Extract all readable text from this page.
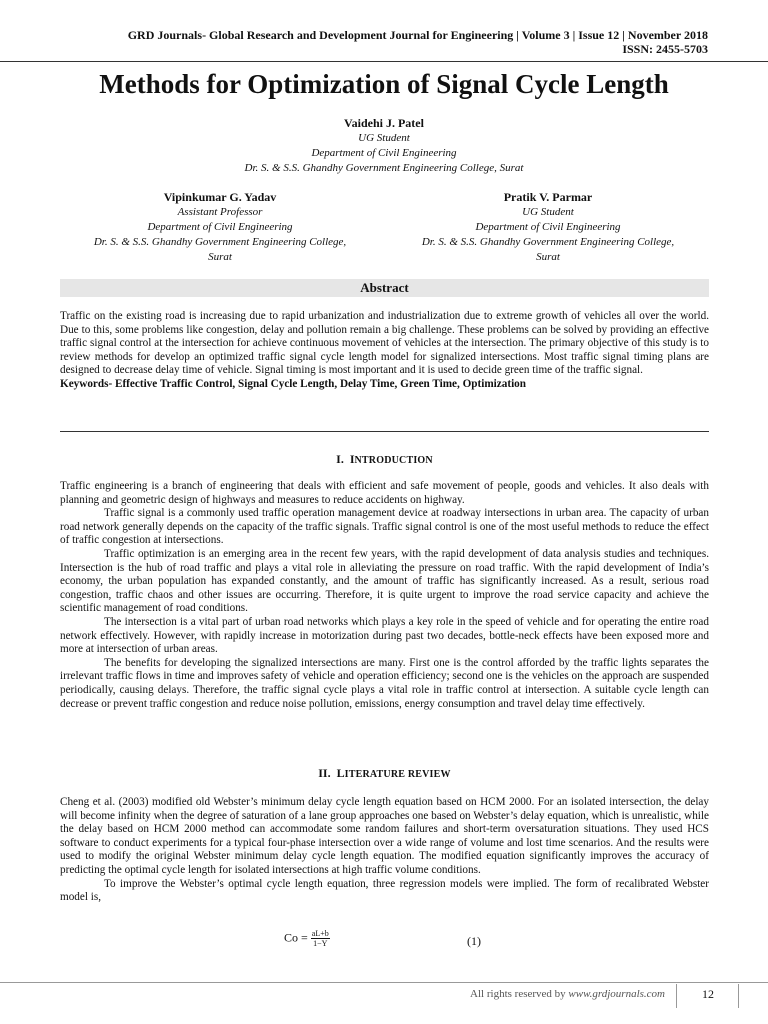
GRD Journals- Global Research and Development Journal for Engineering | Volume 3 | Issue 12 | November 2018
ISSN: 2455-5703
Methods for Optimization of Signal Cycle Length
Vaidehi J. Patel
UG Student
Department of Civil Engineering
Dr. S. & S.S. Ghandhy Government Engineering College, Surat
Vipinkumar G. Yadav
Assistant Professor
Department of Civil Engineering
Dr. S. & S.S. Ghandhy Government Engineering College,
Surat
Pratik V. Parmar
UG Student
Department of Civil Engineering
Dr. S. & S.S. Ghandhy Government Engineering College,
Surat
Abstract
Traffic on the existing road is increasing due to rapid urbanization and industrialization due to extreme growth of vehicles all over the world. Due to this, some problems like congestion, delay and pollution remain a big challenge. These problems can be solved by providing an effective traffic signal control at the intersection for achieve continuous movement of vehicles at the intersection. The primary objective of this study is to review methods for develop an optimized traffic signal cycle length model for signalized intersections. Most traffic signal timing plans are designed to decrease delay time of vehicle. Signal timing is most important and it is used to decide green time of the traffic signal.
Keywords- Effective Traffic Control, Signal Cycle Length, Delay Time, Green Time, Optimization
I. INTRODUCTION
Traffic engineering is a branch of engineering that deals with efficient and safe movement of people, goods and vehicles. It also deals with planning and geometric design of highways and measures to reduce accidents on highway.
Traffic signal is a commonly used traffic operation management device at roadway intersections in urban area. The capacity of urban road network generally depends on the capacity of the traffic signals. Traffic signal control is one of the most useful methods to reduce the effect of traffic congestion at intersections.
Traffic optimization is an emerging area in the recent few years, with the rapid development of data analysis studies and techniques. Intersection is the hub of road traffic and plays a vital role in alleviating the pressure on road traffic. With the rapid development of India’s economy, the urban population has expanded constantly, and the amount of traffic has significantly increased. As a result, serious road congestion, traffic chaos and other issues are occurring. Therefore, it is quite urgent to improve the road service capacity and achieve the scientific management of road conditions.
The intersection is a vital part of urban road networks which plays a key role in the speed of vehicle and for operating the entire road network effectively. However, with rapidly increase in motorization during past two decades, bottle-neck effects have been exposed more and more at intersection of urban areas.
The benefits for developing the signalized intersections are many. First one is the control afforded by the traffic lights separates the irrelevant traffic flows in time and improves safety of vehicle and operation efficiency; second one is the vehicles on the approach are suspended periodically, causing delays. Therefore, the traffic signal cycle plays a vital role in traffic control at intersection. A suitable cycle length can decrease or prevent traffic congestion and reduce noise pollution, emissions, energy consumption and travel delay time effectively.
II. LITERATURE REVIEW
Cheng et al. (2003) modified old Webster’s minimum delay cycle length equation based on HCM 2000. For an isolated intersection, the delay will become infinity when the degree of saturation of a lane group approaches one based on Webster’s delay equation, which is unrealistic, while the delay based on HCM 2000 method can accommodate some random failures and short-term oversaturation situations. They used HCS software to conduct experiments for a typical four-phase intersection over a wide range of volume and lost time scenarios. And the results were used to modify the original Webster minimum delay cycle length equation. The modified equation significantly improves the accuracy of predicting the optimal cycle length for isolated intersections at high traffic volume conditions.
To improve the Webster’s optimal cycle length equation, three regression models were implied. The form of recalibrated Webster model is,
$Co = \frac{aL+b}{1-Y}$	(1)
All rights reserved by www.grdjournals.com	12
